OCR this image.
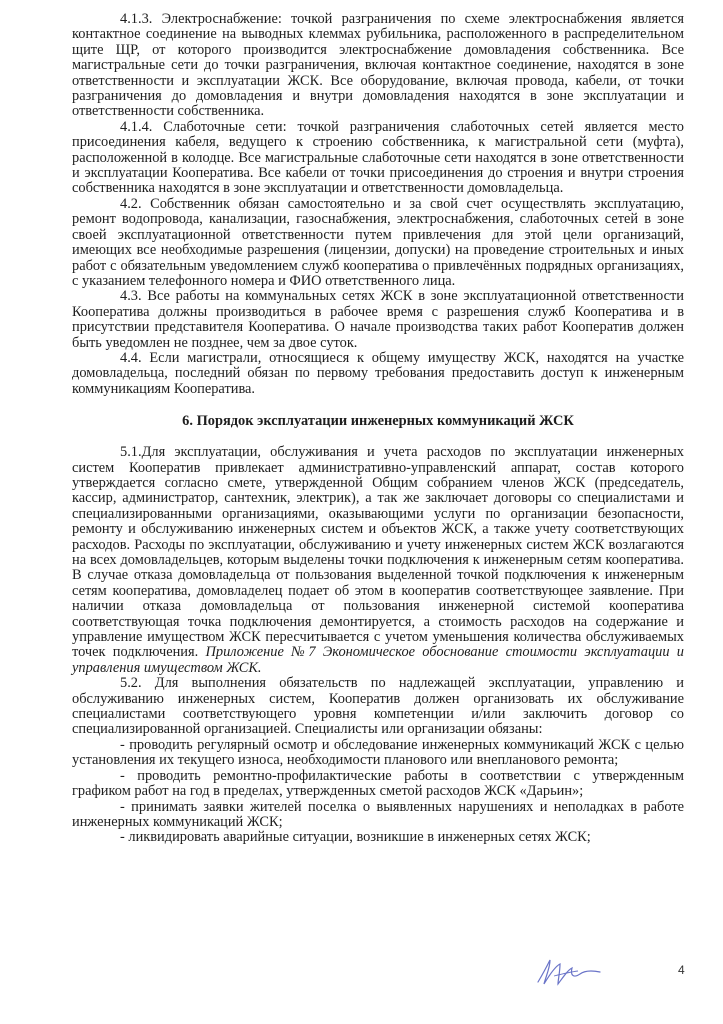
4.1.3. Электроснабжение: точкой разграничения по схеме электроснабжения является контактное соединение на выводных клеммах рубильника, расположенного в распределительном щите ЩР, от которого производится электроснабжение домовладения собственника. Все магистральные сети до точки разграничения, включая контактное соединение, находятся в зоне ответственности и эксплуатации ЖСК. Все оборудование, включая провода, кабели, от точки разграничения до домовладения и внутри домовладения находятся в зоне эксплуатации и ответственности собственника.

4.1.4. Слаботочные сети: точкой разграничения слаботочных сетей является место присоединения кабеля, ведущего к строению собственника, к магистральной сети (муфта), расположенной в колодце. Все магистральные слаботочные сети находятся в зоне ответственности и эксплуатации Кооператива. Все кабели от точки присоединения до строения и внутри строения собственника находятся в зоне эксплуатации и ответственности домовладельца.

4.2. Собственник обязан самостоятельно и за свой счет осуществлять эксплуатацию, ремонт водопровода, канализации, газоснабжения, электроснабжения, слаботочных сетей в зоне своей эксплуатационной ответственности путем привлечения для этой цели организаций, имеющих все необходимые разрешения (лицензии, допуски) на проведение строительных и иных работ с обязательным уведомлением служб кооператива о привлечённых подрядных организациях, с указанием телефонного номера и ФИО ответственного лица.

4.3. Все работы на коммунальных сетях ЖСК в зоне эксплуатационной ответственности Кооператива должны производиться в рабочее время с разрешения служб Кооператива и в присутствии представителя Кооператива. О начале производства таких работ Кооператив должен быть уведомлен не позднее, чем за двое суток.

4.4. Если магистрали, относящиеся к общему имуществу ЖСК, находятся на участке домовладельца, последний обязан по первому требования предоставить доступ к инженерным коммуникациям Кооператива.

6. Порядок эксплуатации инженерных коммуникаций ЖСК

5.1.Для эксплуатации, обслуживания и учета расходов по эксплуатации инженерных систем Кооператив привлекает административно-управленский аппарат, состав которого утверждается согласно смете, утвержденной Общим собранием членов ЖСК (председатель, кассир, администратор, сантехник, электрик), а так же заключает договоры со специалистами и специализированными организациями, оказывающими услуги по организации безопасности, ремонту и обслуживанию инженерных систем и объектов ЖСК, а также учету соответствующих расходов. Расходы по эксплуатации, обслуживанию и учету инженерных систем ЖСК возлагаются на всех домовладельцев, которым выделены точки подключения к инженерным сетям кооператива. В случае отказа домовладельца от пользования выделенной точкой подключения к инженерным сетям кооператива, домовладелец подает об этом в кооператив соответствующее заявление. При наличии отказа домовладельца от пользования инженерной системой кооператива соответствующая точка подключения демонтируется, а стоимость расходов на содержание и управление имуществом ЖСК пересчитывается с учетом уменьшения количества обслуживаемых точек подключения. Приложение №7 Экономическое обоснование стоимости эксплуатации и управления имуществом ЖСК.

5.2. Для выполнения обязательств по надлежащей эксплуатации, управлению и обслуживанию инженерных систем, Кооператив должен организовать их обслуживание специалистами соответствующего уровня компетенции и/или заключить договор со специализированной организацией. Специалисты или организации обязаны:

- проводить регулярный осмотр и обследование инженерных коммуникаций ЖСК с целью установления их текущего износа, необходимости планового или внепланового ремонта;

- проводить ремонтно-профилактические работы в соответствии с утвержденным графиком работ на год в пределах, утвержденных сметой расходов ЖСК «Дарьин»;

- принимать заявки жителей поселка о выявленных нарушениях и неполадках в работе инженерных коммуникаций ЖСК;

- ликвидировать аварийные ситуации, возникшие в инженерных сетях ЖСК;

4
